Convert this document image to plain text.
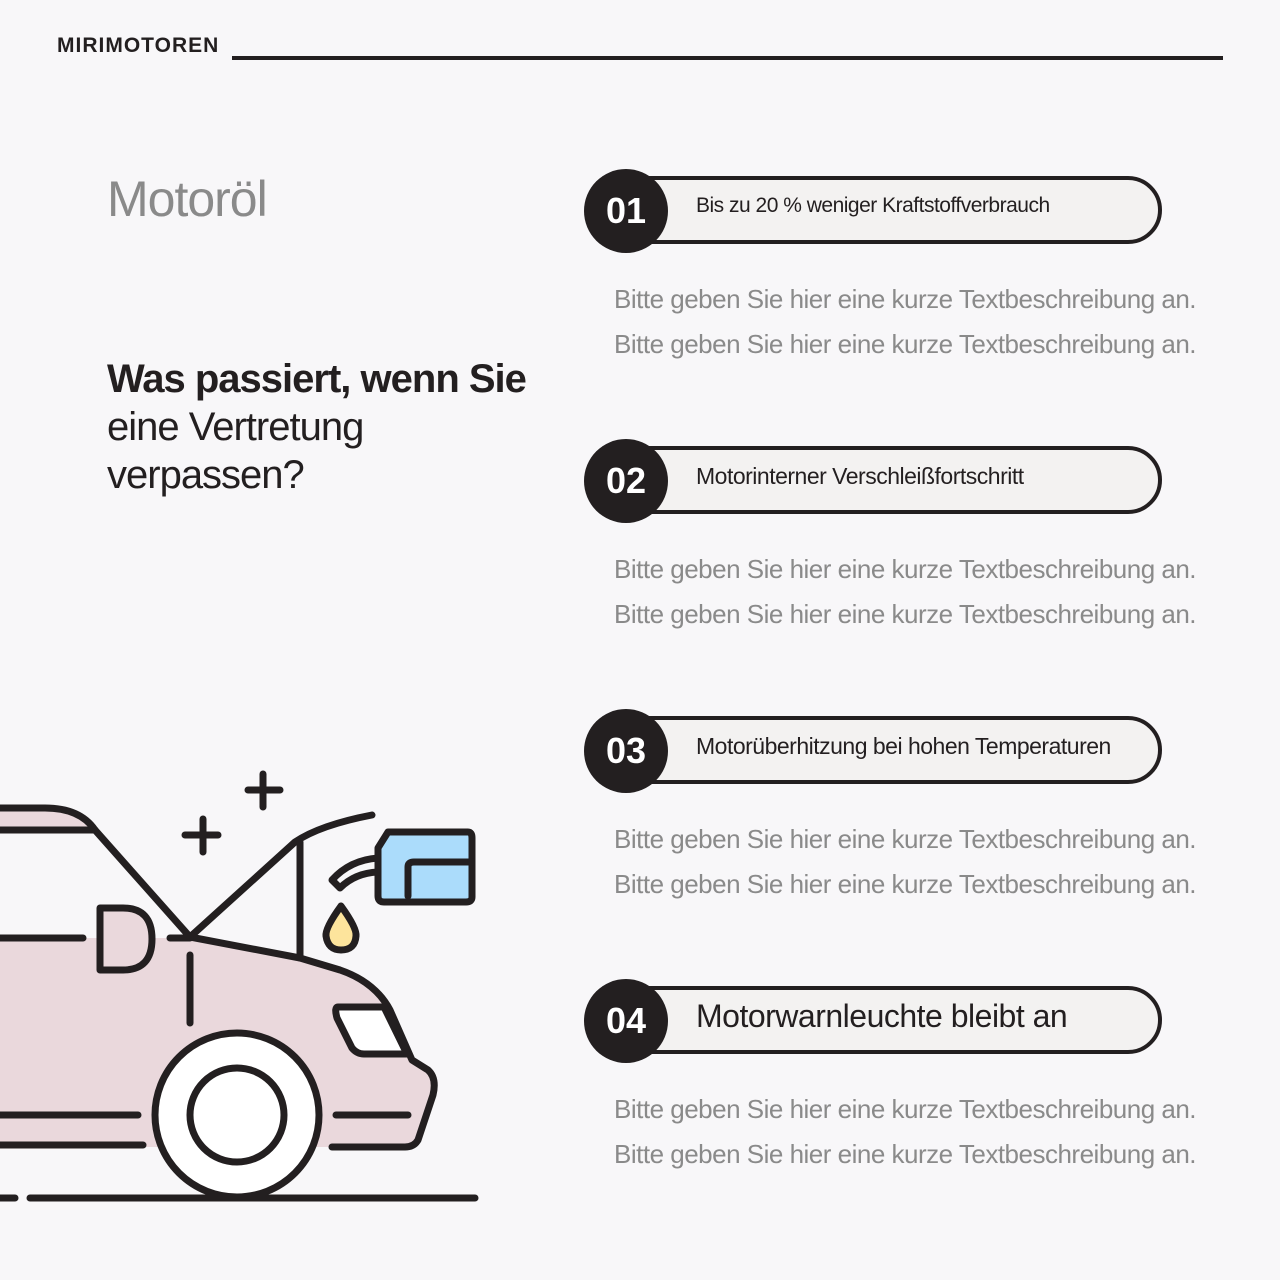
MIRIMOTOREN
Motoröl
Was passiert, wenn Sie
eine Vertretung
verpassen?
01	Bis zu 20 % weniger Kraftstoffverbrauch
Bitte geben Sie hier eine kurze Textbeschreibung an.
Bitte geben Sie hier eine kurze Textbeschreibung an.
02	Motorinterner Verschleißfortschritt
Bitte geben Sie hier eine kurze Textbeschreibung an.
Bitte geben Sie hier eine kurze Textbeschreibung an.
03	Motorüberhitzung bei hohen Temperaturen
Bitte geben Sie hier eine kurze Textbeschreibung an.
Bitte geben Sie hier eine kurze Textbeschreibung an.
04	Motorwarnleuchte bleibt an
Bitte geben Sie hier eine kurze Textbeschreibung an.
Bitte geben Sie hier eine kurze Textbeschreibung an.
